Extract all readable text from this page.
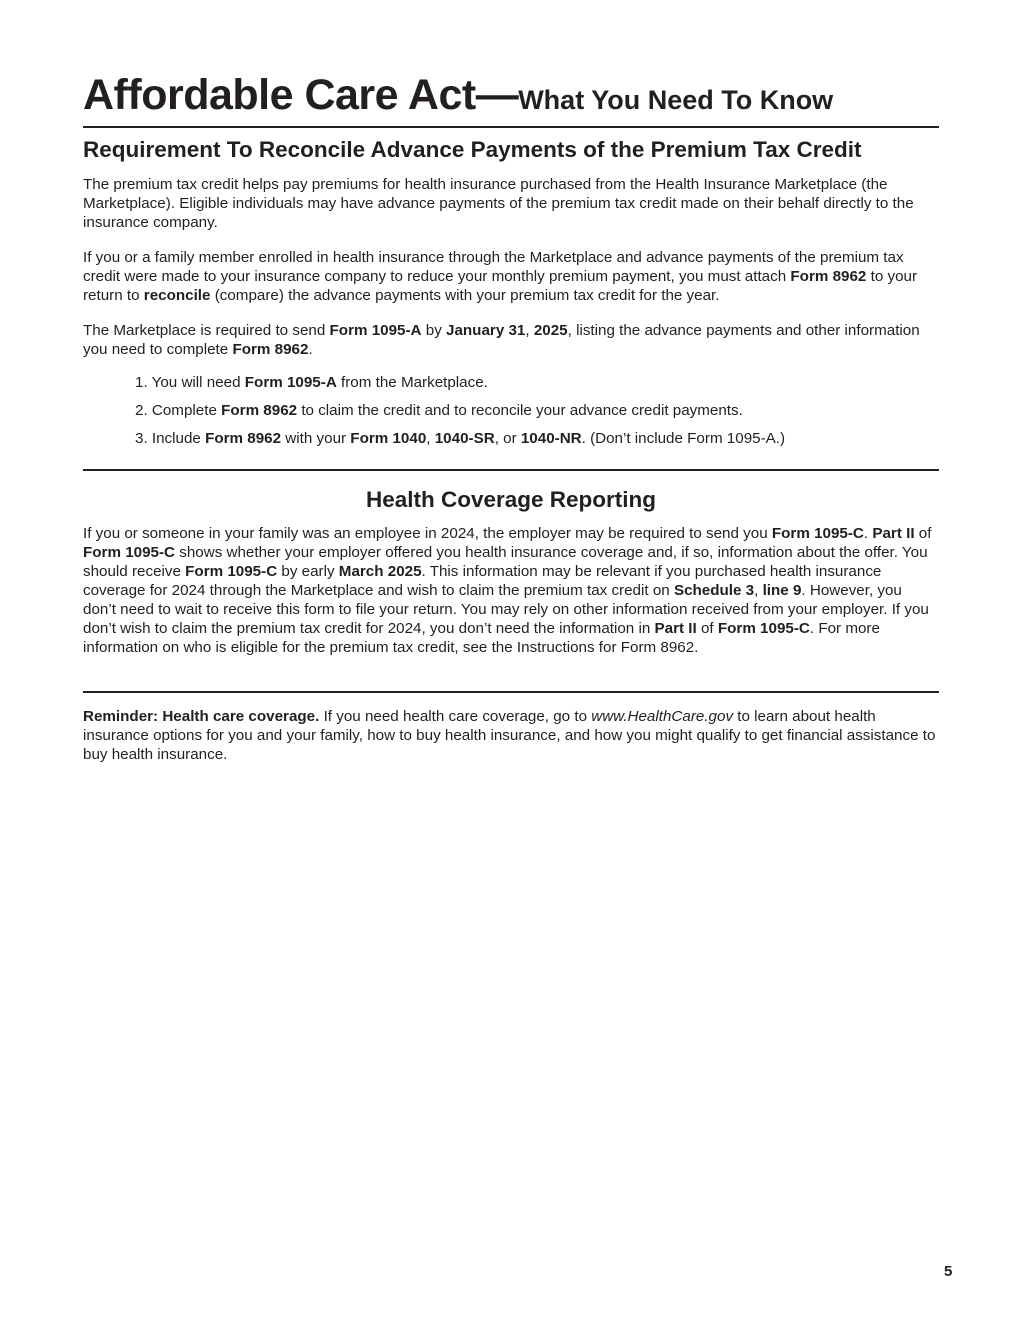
Affordable Care Act—What You Need To Know
Requirement To Reconcile Advance Payments of the Premium Tax Credit

The premium tax credit helps pay premiums for health insurance purchased from the Health Insurance Marketplace (the Marketplace). Eligible individuals may have advance payments of the premium tax credit made on their behalf directly to the insurance company.

If you or a family member enrolled in health insurance through the Marketplace and advance payments of the premium tax credit were made to your insurance company to reduce your monthly premium payment, you must attach Form 8962 to your return to reconcile (compare) the advance payments with your premium tax credit for the year.

The Marketplace is required to send Form 1095-A by January 31, 2025, listing the advance payments and other information you need to complete Form 8962.

1. You will need Form 1095-A from the Marketplace.
2. Complete Form 8962 to claim the credit and to reconcile your advance credit payments.
3. Include Form 8962 with your Form 1040, 1040-SR, or 1040-NR. (Don’t include Form 1095-A.)
Health Coverage Reporting

If you or someone in your family was an employee in 2024, the employer may be required to send you Form 1095-C. Part II of Form 1095-C shows whether your employer offered you health insurance coverage and, if so, information about the offer. You should receive Form 1095-C by early March 2025. This information may be relevant if you purchased health insurance coverage for 2024 through the Marketplace and wish to claim the premium tax credit on Schedule 3, line 9. However, you don’t need to wait to receive this form to file your return. You may rely on other information received from your employer. If you don’t wish to claim the premium tax credit for 2024, you don’t need the information in Part II of Form 1095-C. For more information on who is eligible for the premium tax credit, see the Instructions for Form 8962.

Reminder: Health care coverage. If you need health care coverage, go to www.HealthCare.gov to learn about health insurance options for you and your family, how to buy health insurance, and how you might qualify to get financial assistance to buy health insurance.

5
